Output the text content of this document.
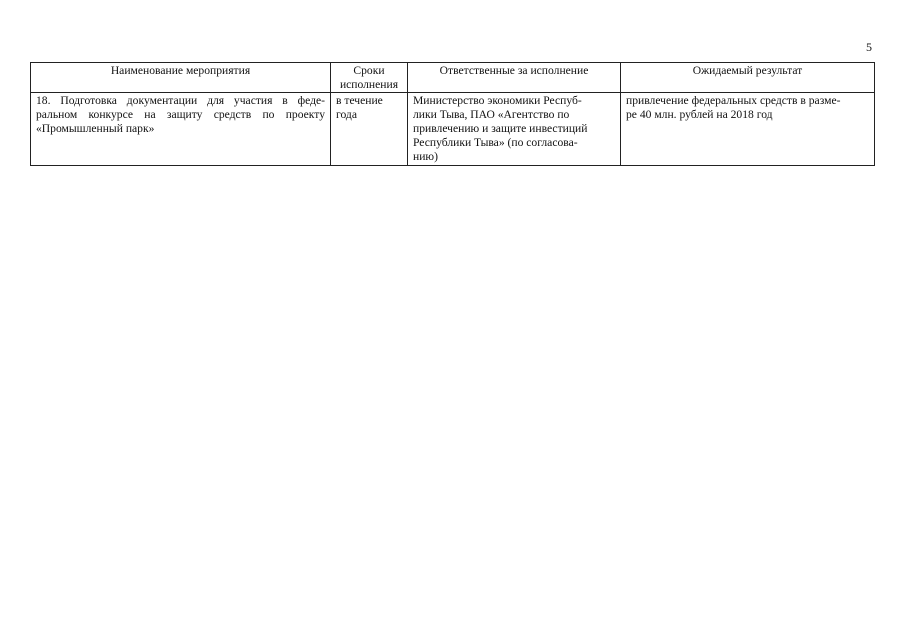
5
Наименование мероприятия	Сроки исполнения	Ответственные за исполнение	Ожидаемый результат

18. Подготовка документации для участия в феде-
ральном конкурсе на защиту средств по проекту
«Промышленный парк»	в течение
года	Министерство экономики Респуб-
лики Тыва, ПАО «Агентство по
привлечению и защите инвестиций
Республики Тыва» (по согласова-
нию)	привлечение федеральных средств в разме-
ре 40 млн. рублей на 2018 год
